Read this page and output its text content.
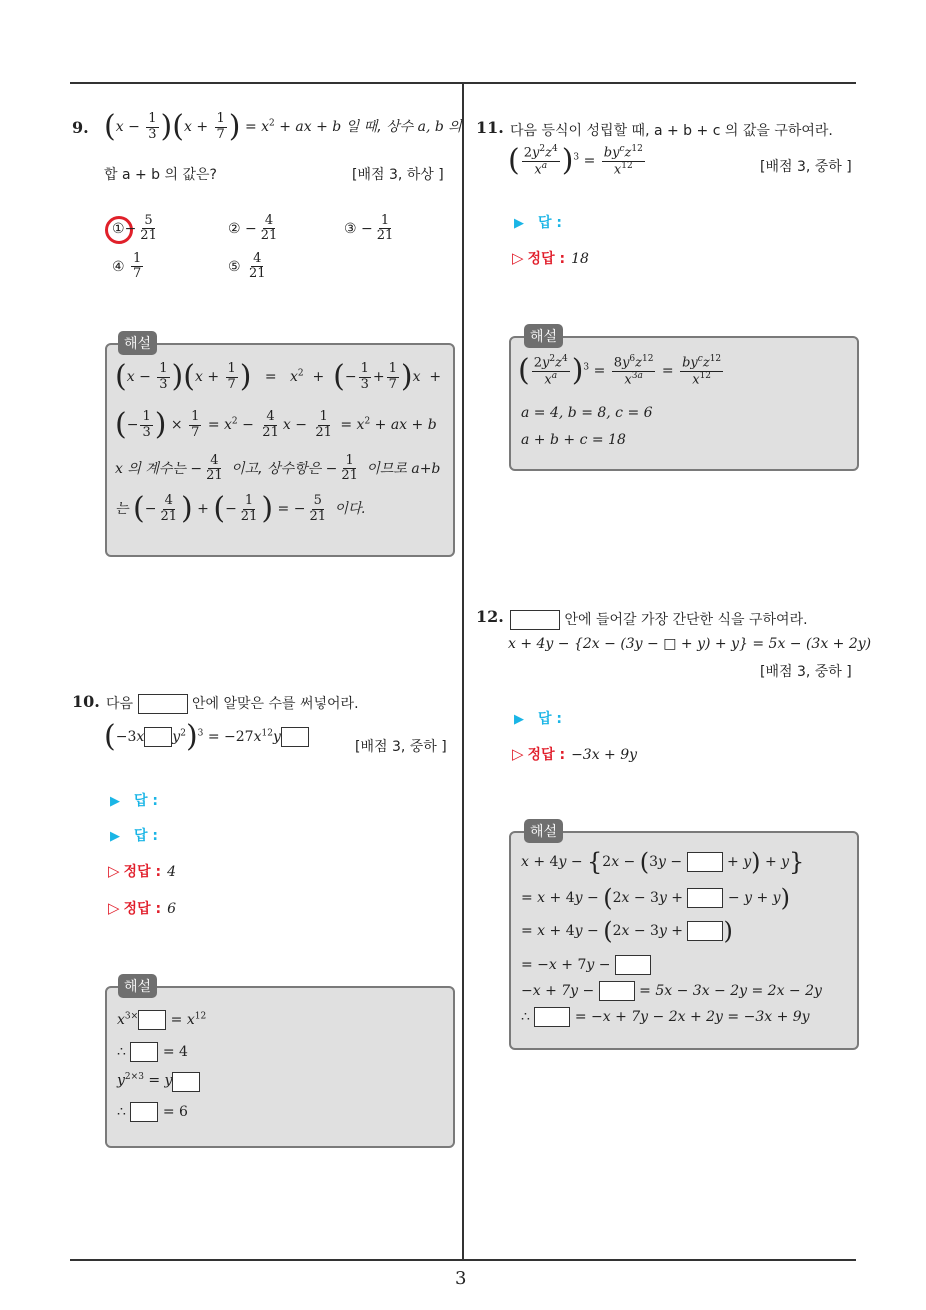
3
9. $(x - \frac{1}{3} )(x + \frac{1}{7}$ ) = $x^2$ + ax + b 일 때, 상수 a, b 의
합 a + b 의 값은?	[배점 3, 하상 ]
①− $\frac{5}{21}$	② − $\frac{4}{21}$	③ − $\frac{1}{21}$
④ $\frac{1}{7}$	⑤ $\frac{4}{21}$
해설
$(x - \frac{1}{3} )(x + \frac{1}{7}$ ) =   $x^2$  +  (− $\frac{1}{3} + \frac{1}{7} )x$  +
(− $\frac{1}{3}$ ) × $\frac{1}{7} = x^2 - \frac{4}{21}$ $x - \frac{1}{21} = x^2$ + ax + b
x 의 계수는 − $\frac{4}{21}$ 이고, 상수항은 − $\frac{1}{21}$ 이므로 a+b
는 (− $\frac{4}{21}$ ) + (− $\frac{1}{21}$ ) = − $\frac{5}{21}$ 이다.
10. 다음	안에 알맞은 수를 써넣어라.
(−3x $y^2)^3 = -27x^{12}y$
[배점 3, 중하 ]
▶ 답 :
▶ 답 :
▷ 정답 : 4
▷ 정답 : 6
해설
$x^{3\times} = x^{12}$
∴	= 4
$y^{2\times 3} = y$
∴	= 6
11. 다음 등식이 성립할 때, a + b + c 의 값을 구하여라.
( $\frac{2y^2z^4}{x^a} )^3 = \frac{by^cz^{12}}{x^{12}}$	[배점 3, 중하 ]
▶ 답 :
▷ 정답 : 18
해설
( $\frac{2y^2z^4}{x^a} )^3 = \frac{8y^6z^{12}}{x^{3a}} = \frac{by^cz^{12}}{x^{12}}$
a = 4, b = 8, c = 6
a + b + c = 18
12.	안에 들어갈 가장 간단한 식을 구하여라.
x + 4y − {2x − (3y − □ + y) + y} = 5x − (3x + 2y)
[배점 3, 중하 ]
▶ 답 :
▷ 정답 : −3x + 9y
해설
x + 4y − {2x − (3y −	+ y) + y}
= x + 4y − (2x − 3y +	− y + y)
= x + 4y − (2x − 3y + )
= −x + 7y −
−x + 7y −	= 5x − 3x − 2y = 2x − 2y
∴	= −x + 7y − 2x + 2y = −3x + 9y
